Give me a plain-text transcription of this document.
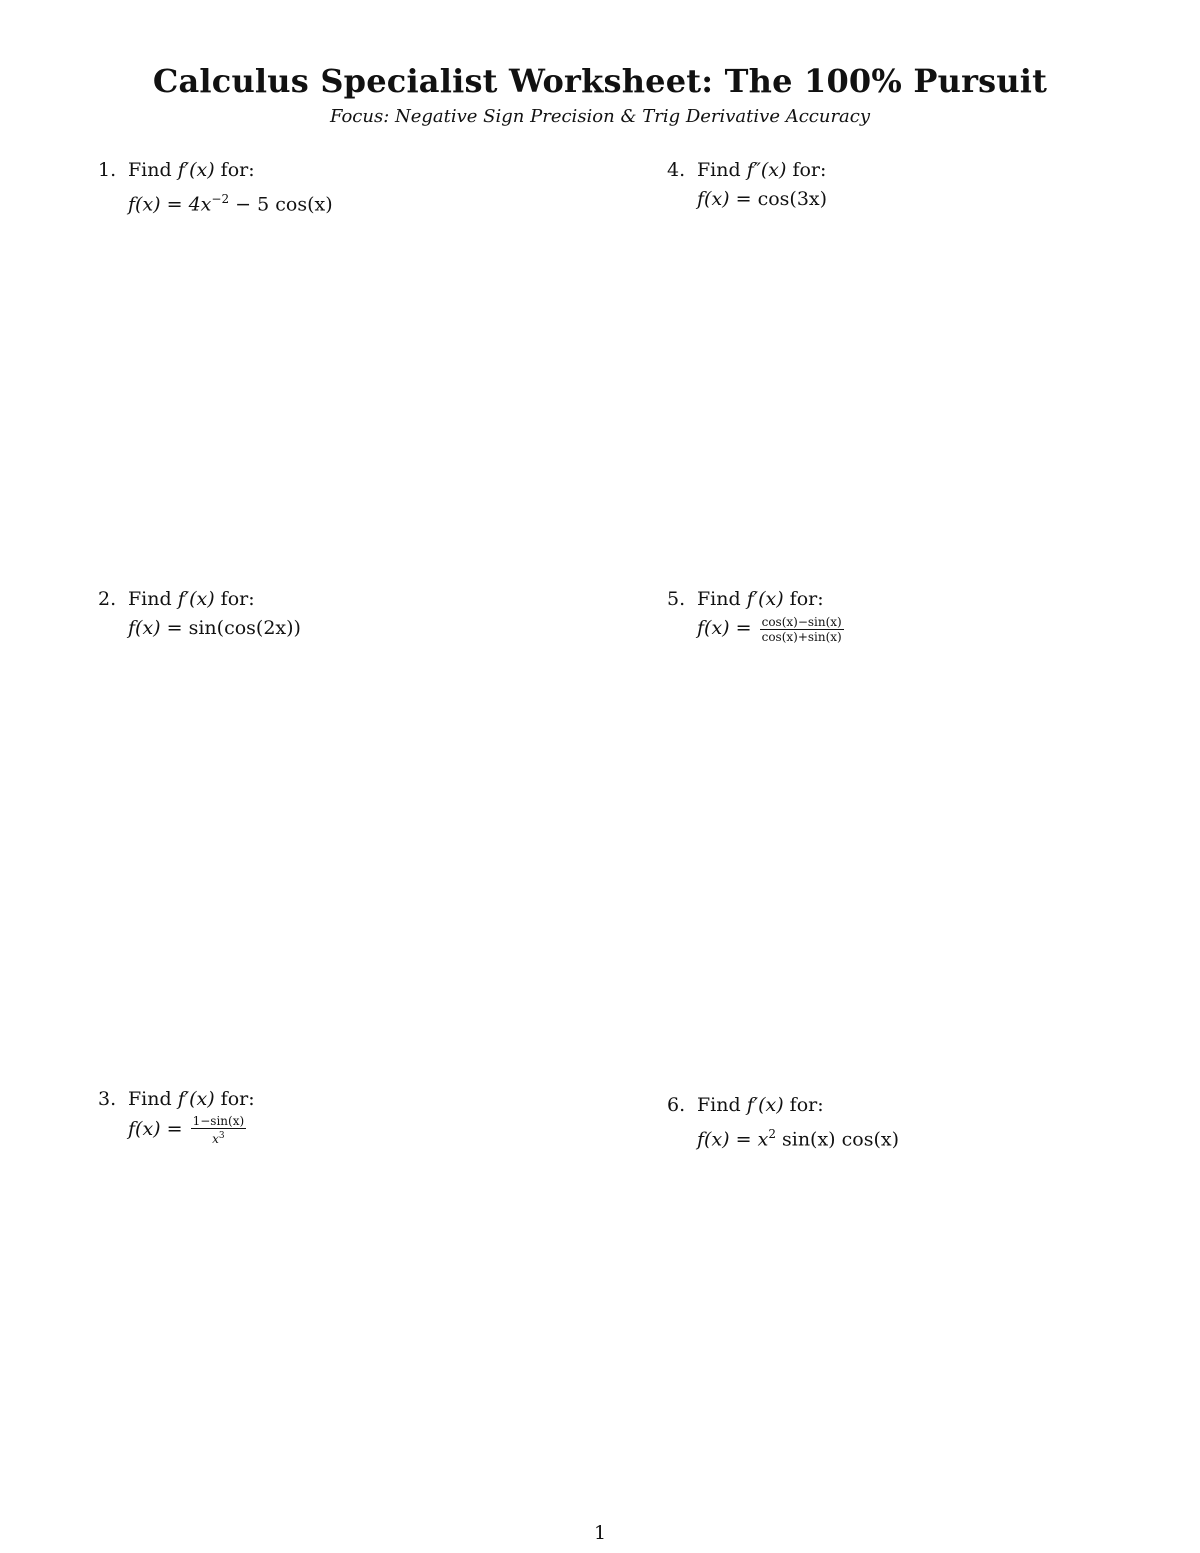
Calculus Specialist Worksheet: The 100% Pursuit
Focus: Negative Sign Precision & Trig Derivative Accuracy
1. Find f′(x) for:
$f(x) = 4x^{-2} - 5$ cos(x)
4. Find f″(x) for:
f(x) = cos(3x)
2. Find f′(x) for:
f(x) = sin(cos(2x))
5. Find f′(x) for:
$f(x) = \frac{\cos(x)-\sin(x)}{\cos(x)+\sin(x)}$
3. Find f′(x) for:
$f(x) = \frac{1-\sin(x)}{x^3}$
6. Find f′(x) for:
$f(x) = x^2$ sin(x) cos(x)
1
